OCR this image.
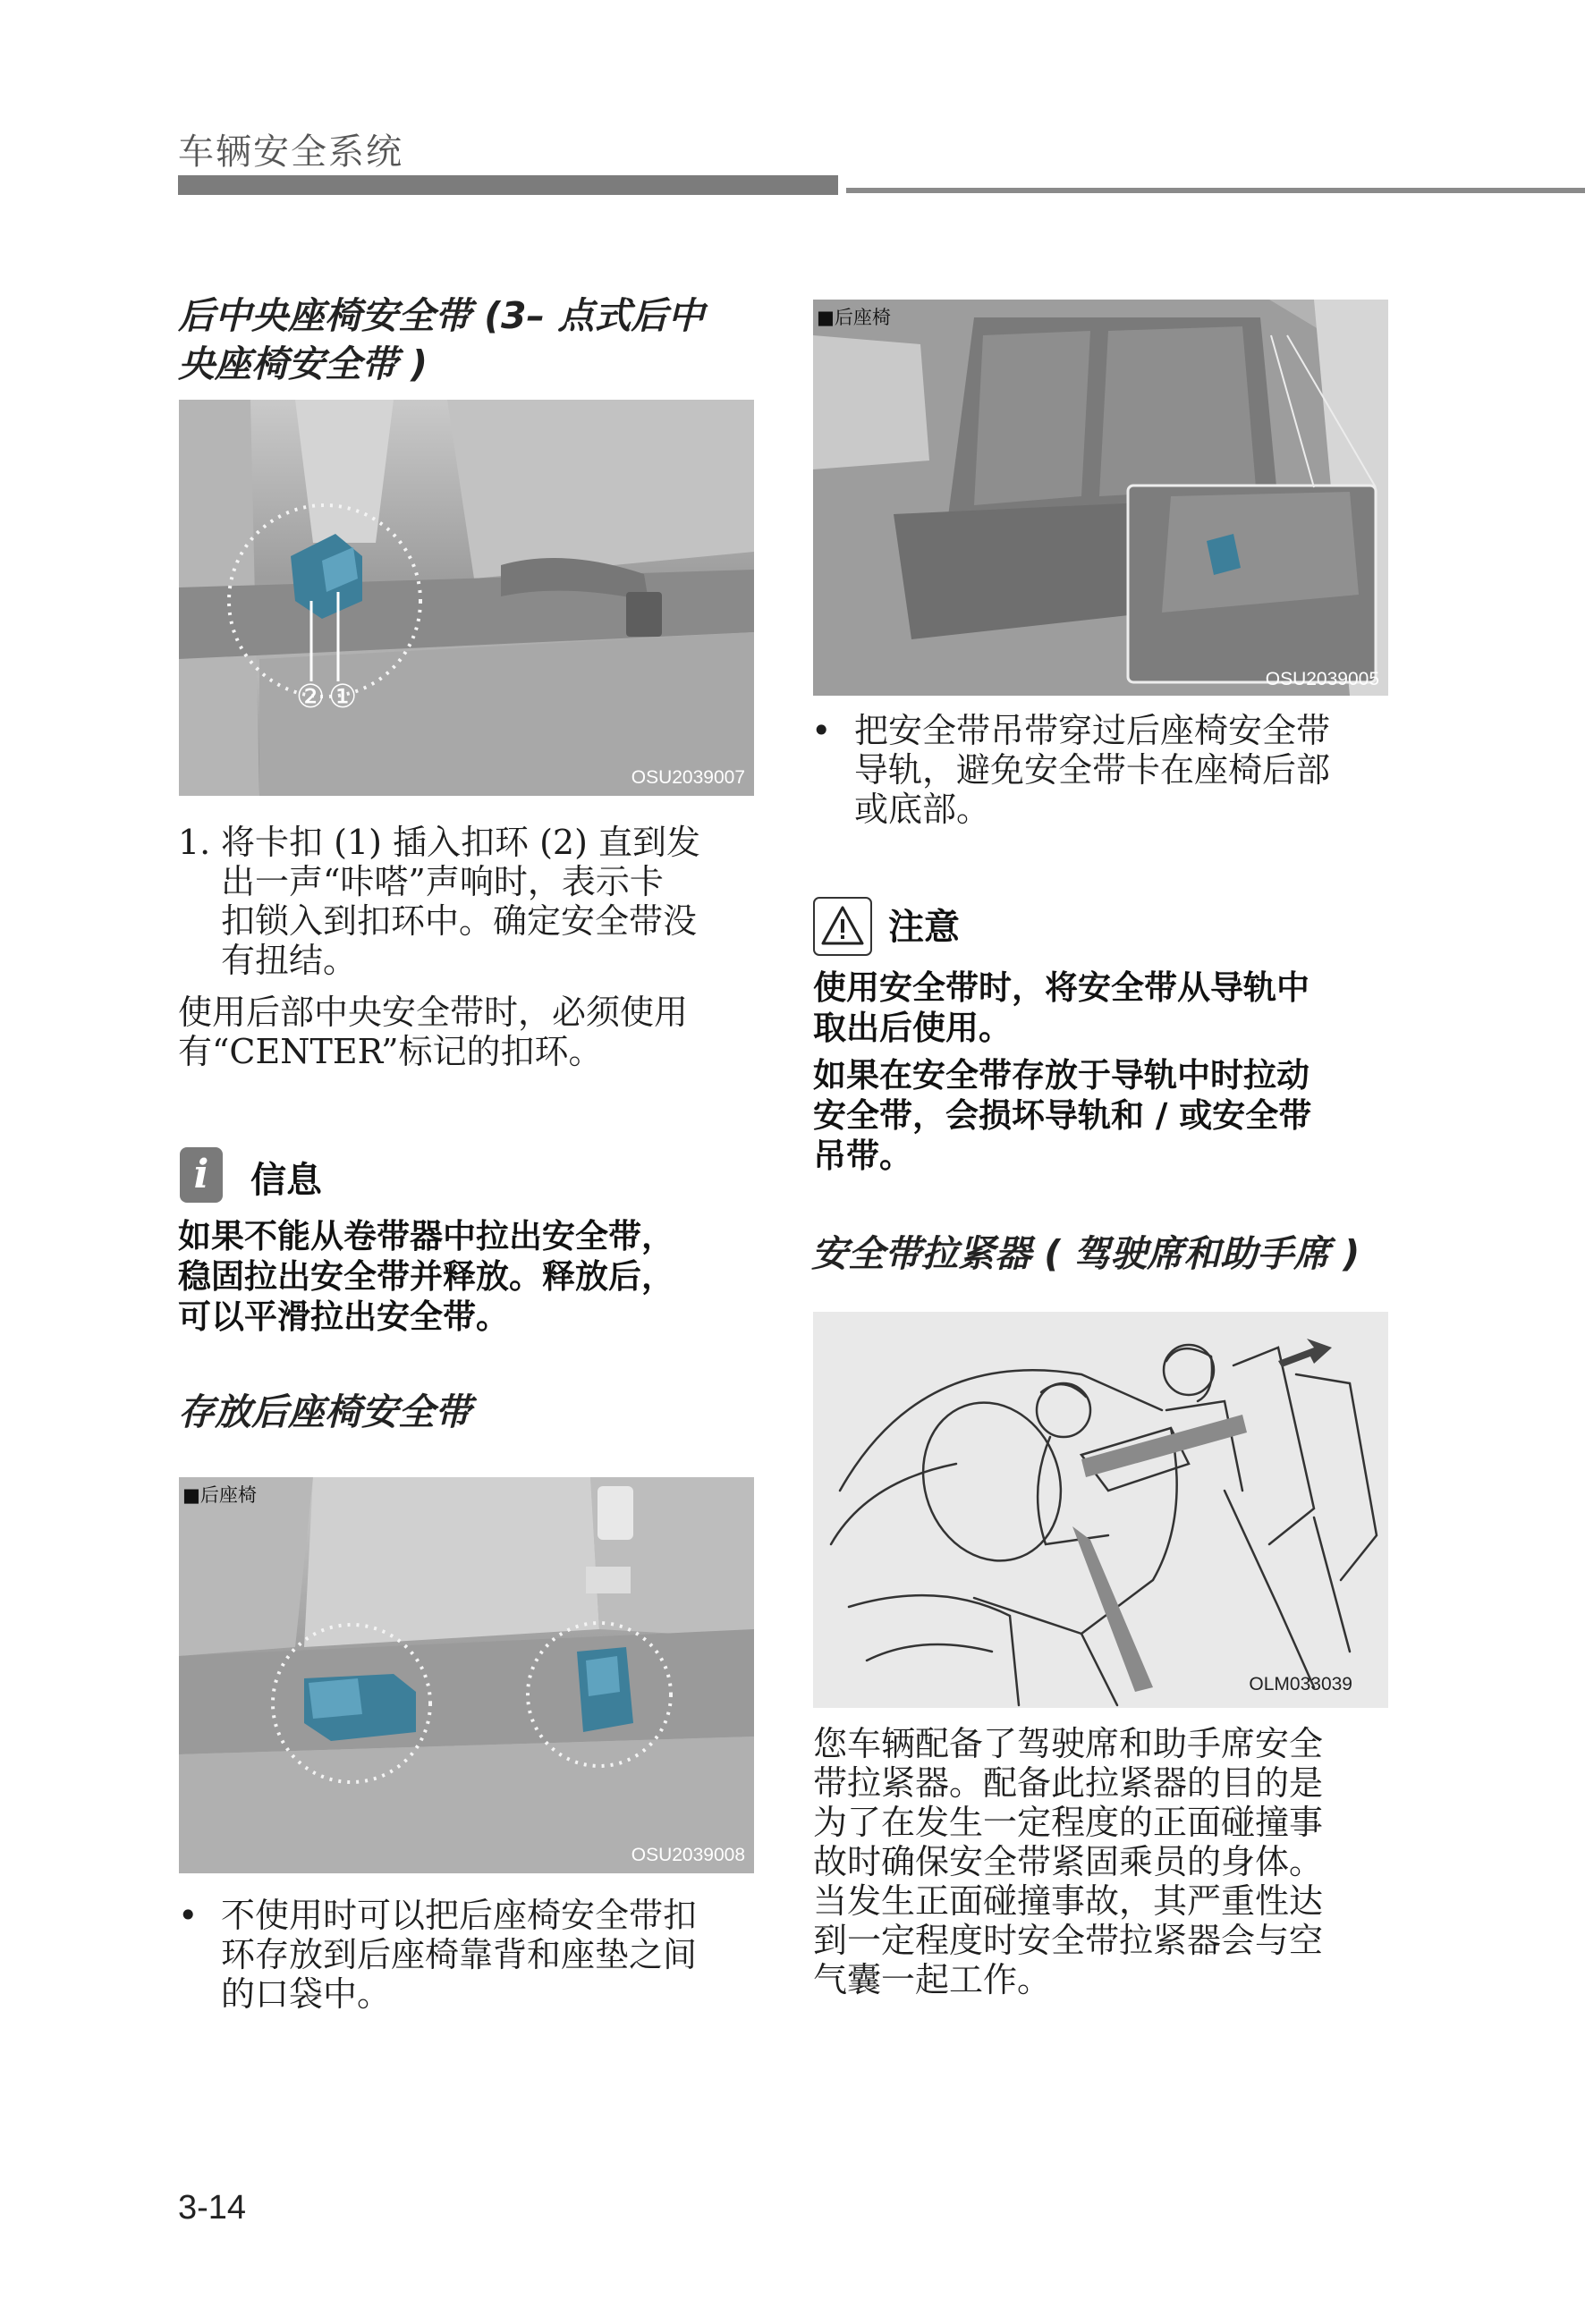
车辆安全系统
后中央座椅安全带 (3– 点式后中
央座椅安全带 )
② ①
OSU2039007
1. 将卡扣 (1) 插入扣环 (2) 直到发
出一声“咔嗒”声响时，表示卡
扣锁入到扣环中。确定安全带没
有扭结。
使用后部中央安全带时，必须使用
有“CENTER”标记的扣环。
i	信息
如果不能从卷带器中拉出安全带，
稳固拉出安全带并释放。释放后，
可以平滑拉出安全带。
存放后座椅安全带
■后座椅
OSU2039008
• 不使用时可以把后座椅安全带扣
环存放到后座椅靠背和座垫之间
的口袋中。
■后座椅
OSU2039005
• 把安全带吊带穿过后座椅安全带
导轨，避免安全带卡在座椅后部
或底部。
注意
使用安全带时，将安全带从导轨中
取出后使用。
如果在安全带存放于导轨中时拉动
安全带，会损坏导轨和 / 或安全带
吊带。
安全带拉紧器 ( 驾驶席和助手席 )
OLM033039
您车辆配备了驾驶席和助手席安全
带拉紧器。配备此拉紧器的目的是
为了在发生一定程度的正面碰撞事
故时确保安全带紧固乘员的身体。
当发生正面碰撞事故，其严重性达
到一定程度时安全带拉紧器会与空
气囊一起工作。
3-14
